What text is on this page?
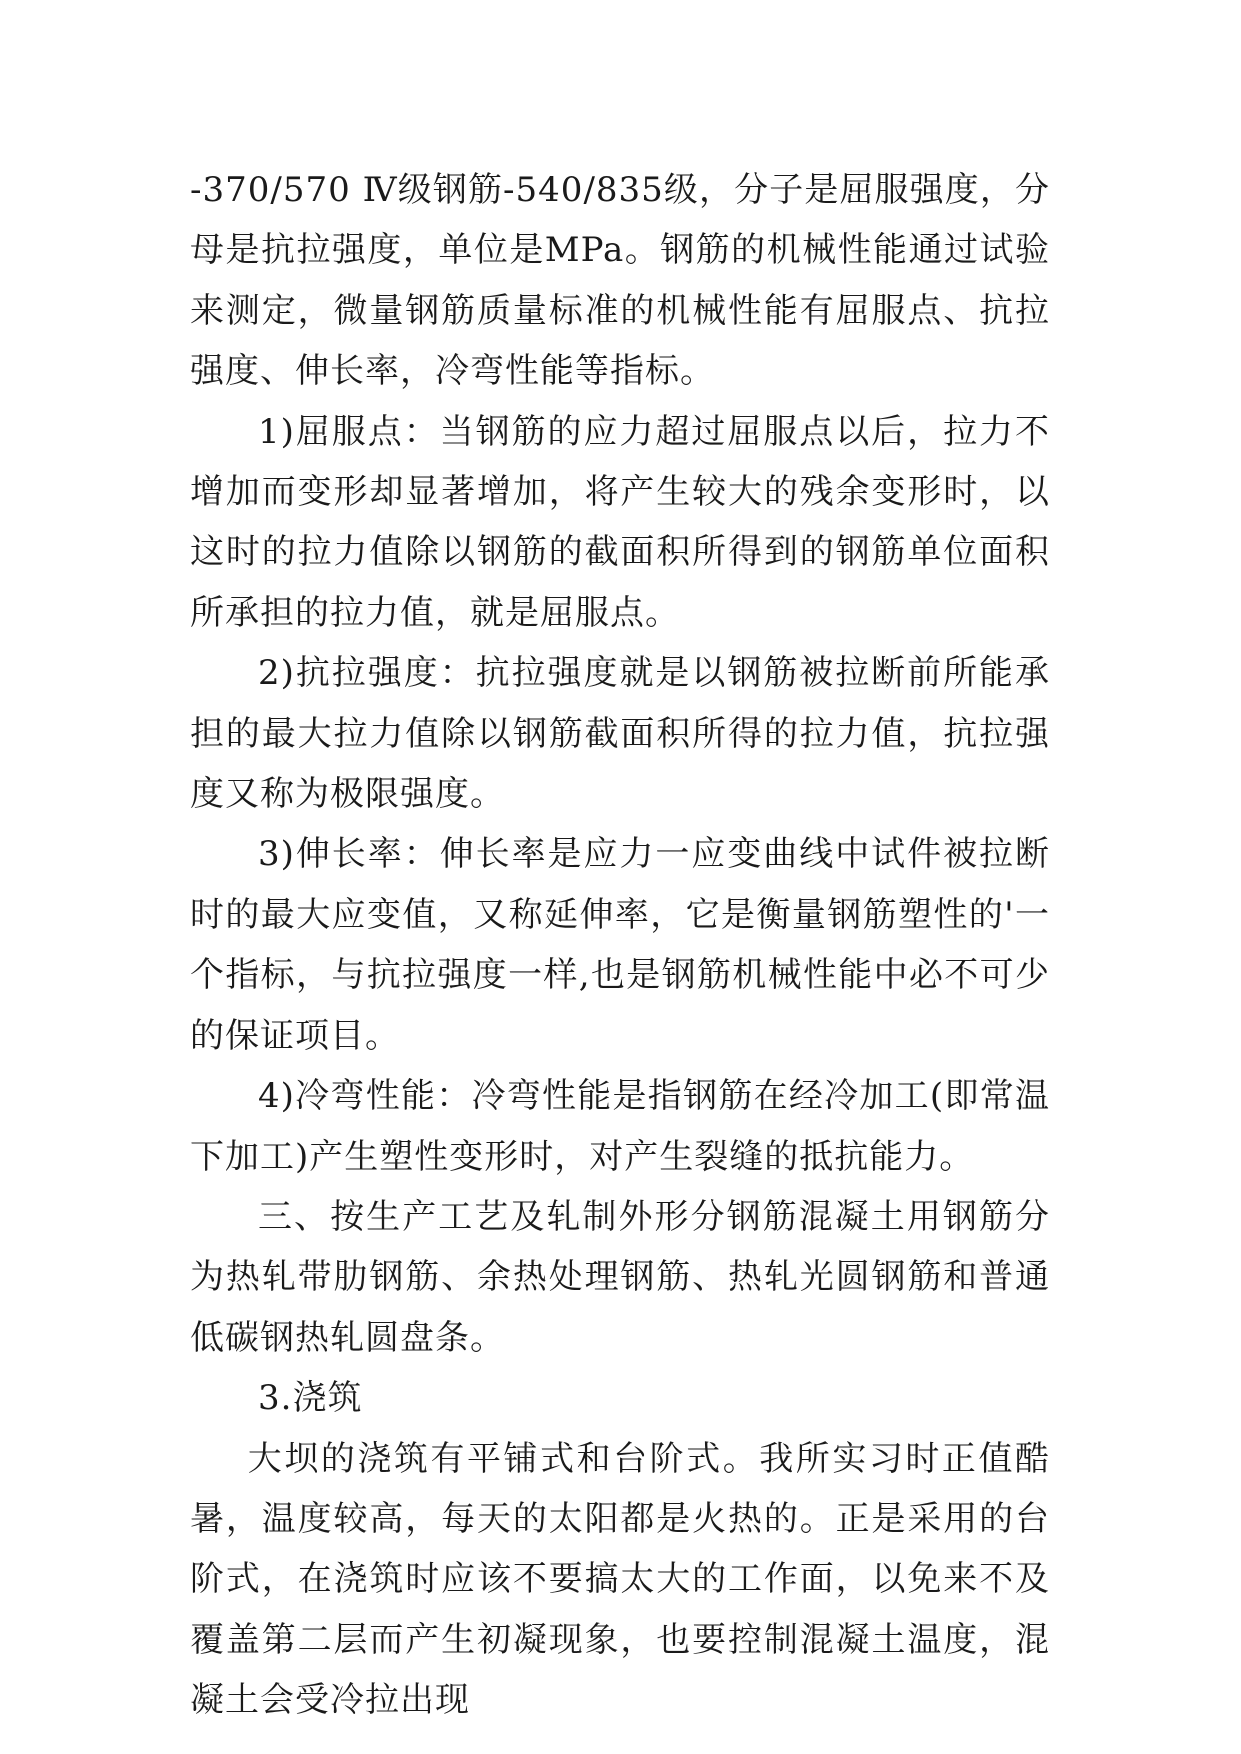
-370/570 Ⅳ级钢筋-540/835级，分子是屈服强度，分母是抗拉强度，单位是MPa。钢筋的机械性能通过试验来测定，微量钢筋质量标准的机械性能有屈服点、抗拉强度、伸长率，冷弯性能等指标。

1)屈服点：当钢筋的应力超过屈服点以后，拉力不增加而变形却显著增加，将产生较大的残余变形时，以这时的拉力值除以钢筋的截面积所得到的钢筋单位面积所承担的拉力值，就是屈服点。

2)抗拉强度：抗拉强度就是以钢筋被拉断前所能承担的最大拉力值除以钢筋截面积所得的拉力值，抗拉强度又称为极限强度。

3)伸长率：伸长率是应力一应变曲线中试件被拉断时的最大应变值，又称延伸率，它是衡量钢筋塑性的'一个指标，与抗拉强度一样,也是钢筋机械性能中必不可少的保证项目。

4)冷弯性能：冷弯性能是指钢筋在经冷加工(即常温下加工)产生塑性变形时，对产生裂缝的抵抗能力。

三、按生产工艺及轧制外形分钢筋混凝土用钢筋分为热轧带肋钢筋、余热处理钢筋、热轧光圆钢筋和普通低碳钢热轧圆盘条。

3.浇筑

大坝的浇筑有平铺式和台阶式。我所实习时正值酷暑，温度较高，每天的太阳都是火热的。正是采用的台阶式，在浇筑时应该不要搞太大的工作面，以免来不及覆盖第二层而产生初凝现象，也要控制混凝土温度，混凝土会受冷拉出现
